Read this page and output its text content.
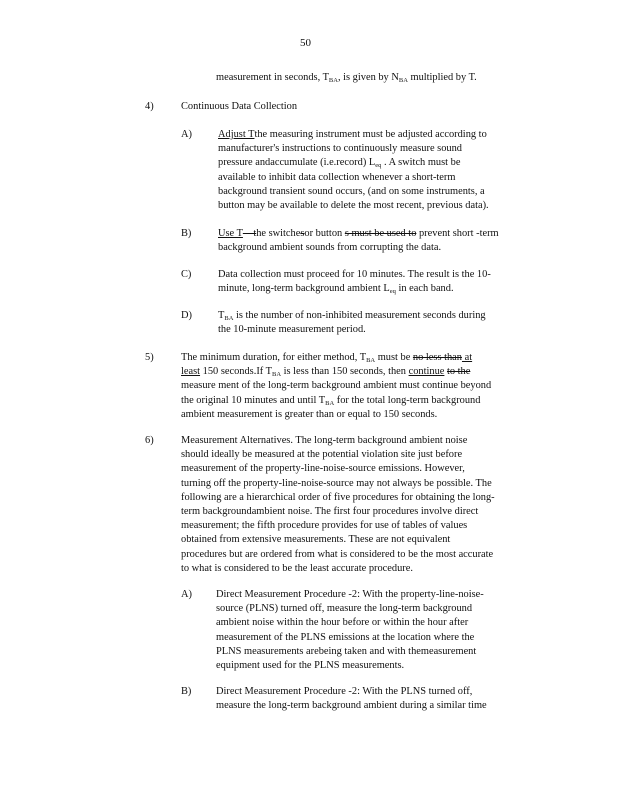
50
measurement in seconds, $T_{BA}$, is given by $N_{BA}$ multiplied by T.
4)	Continuous Data Collection
A)	Adjust Tthe measuring instrument must be adjusted according to
manufacturer's instructions to continuously measure sound
pressure andaccumulate (i.e.record) $L_{eq}$ . A switch must be
available to inhibit data collection whenever a short-term
background transient sound occurs, (and on some instruments, a
button may be available to delete the most recent, previous data).
B)	Use T—the switchesor button s must be used to prevent short -term
background ambient sounds from corrupting the data.
C)	Data collection must proceed for 10 minutes. The result is the 10-
minute, long-term background ambient $L_{eq}$ in each band.
D)	$T_{BA}$ is the number of non-inhibited measurement seconds during
the 10-minute measurement period.
5)	The minimum duration, for either method, $T_{BA}$ must be no less than at
least 150 seconds.If $T_{BA}$ is less than 150 seconds, then continue to the
measure ment of the long-term background ambient must continue beyond
the original 10 minutes and until $T_{BA}$ for the total long-term background
ambient measurement is greater than or equal to 150 seconds.
6)	Measurement Alternatives. The long-term background ambient noise
should ideally be measured at the potential violation site just before
measurement of the property-line-noise-source emissions. However,
turning off the property-line-noise-source may not always be possible. The
following are a hierarchical order of five procedures for obtaining the long-
term backgroundambient noise. The first four procedures involve direct
measurement; the fifth procedure provides for use of tables of values
obtained from extensive measurements. These are not equivalent
procedures but are ordered from what is considered to be the most accurate
to what is considered to be the least accurate procedure.
A) Direct Measurement Procedure -2: With the property-line-noise-
source (PLNS) turned off, measure the long-term background
ambient noise within the hour before or within the hour after
measurement of the PLNS emissions at the location where the
PLNS measurements arebeing taken and with themeasurement
equipment used for the PLNS measurements.
B) Direct Measurement Procedure -2: With the PLNS turned off,
measure the long-term background ambient during a similar time
